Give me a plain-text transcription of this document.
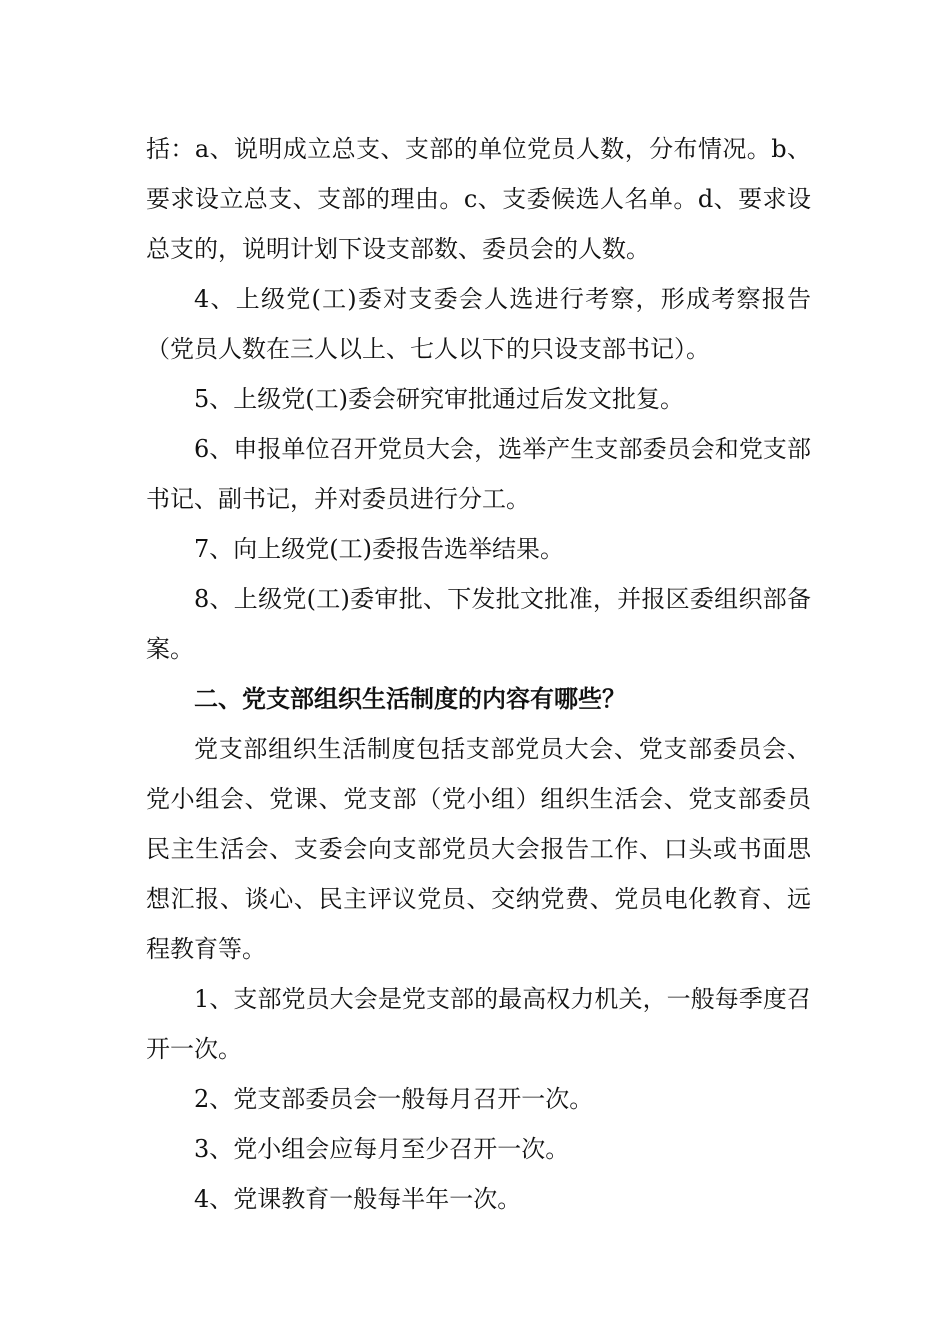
括：a、说明成立总支、支部的单位党员人数，分布情况。b、要求设立总支、支部的理由。c、支委候选人名单。d、要求设总支的，说明计划下设支部数、委员会的人数。

4、上级党(工)委对支委会人选进行考察，形成考察报告（党员人数在三人以上、七人以下的只设支部书记）。

5、上级党(工)委会研究审批通过后发文批复。

6、申报单位召开党员大会，选举产生支部委员会和党支部书记、副书记，并对委员进行分工。

7、向上级党(工)委报告选举结果。

8、上级党(工)委审批、下发批文批准，并报区委组织部备案。

二、党支部组织生活制度的内容有哪些？

党支部组织生活制度包括支部党员大会、党支部委员会、党小组会、党课、党支部（党小组）组织生活会、党支部委员民主生活会、支委会向支部党员大会报告工作、口头或书面思想汇报、谈心、民主评议党员、交纳党费、党员电化教育、远程教育等。

1、支部党员大会是党支部的最高权力机关，一般每季度召开一次。

2、党支部委员会一般每月召开一次。

3、党小组会应每月至少召开一次。

4、党课教育一般每半年一次。
